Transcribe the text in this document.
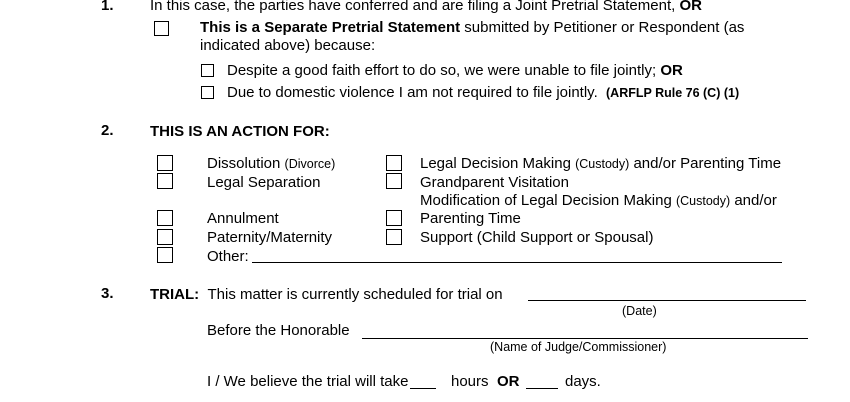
1. In this case, the parties have conferred and are filing a Joint Pretrial Statement, OR
This is a Separate Pretrial Statement submitted by Petitioner or Respondent (as
indicated above) because:
Despite a good faith effort to do so, we were unable to file jointly; OR
Due to domestic violence I am not required to file jointly. (ARFLP Rule 76 (C) (1)
2. THIS IS AN ACTION FOR:
Dissolution (Divorce)
Legal Separation
Annulment
Paternity/Maternity
Other:
Legal Decision Making (Custody) and/or Parenting Time
Grandparent Visitation
Modification of Legal Decision Making (Custody) and/or
Parenting Time
Support (Child Support or Spousal)
3. TRIAL: This matter is currently scheduled for trial on
(Date)
Before the Honorable
(Name of Judge/Commissioner)
I / We believe the trial will take	hours OR	days.
